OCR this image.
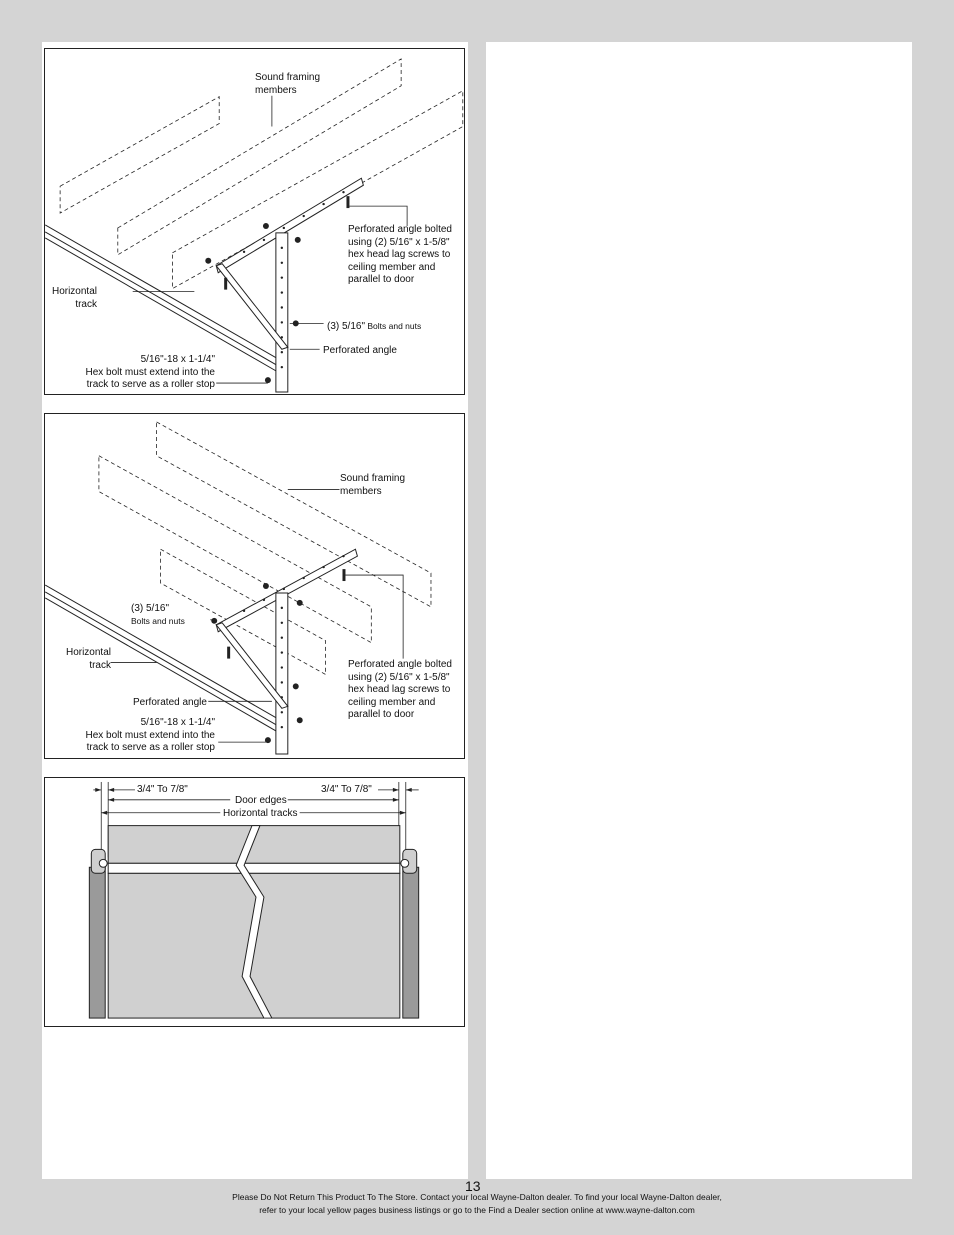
Sound framing
members
Perforated angle bolted
using (2) 5/16" x 1-5/8"
hex head lag screws to
ceiling member and
parallel to door
Horizontal
track
(3) 5/16" Bolts and nuts
Perforated angle
5/16"-18 x 1-1/4"
Hex bolt must extend into the
track to serve as a roller stop
Sound framing
members
(3) 5/16"
Bolts and nuts
Horizontal
track
Perforated angle
Perforated angle bolted
using (2) 5/16" x 1-5/8"
hex head lag screws to
ceiling member and
parallel to door
5/16"-18 x 1-1/4"
Hex bolt must extend into the
track to serve as a roller stop
3/4" To 7/8"	3/4" To 7/8"
Door edges
Horizontal tracks
13
Please Do Not Return This Product To The Store. Contact your local Wayne-Dalton dealer. To find your local Wayne-Dalton dealer,
refer to your local yellow pages business listings or go to the Find a Dealer section online at www.wayne-dalton.com
